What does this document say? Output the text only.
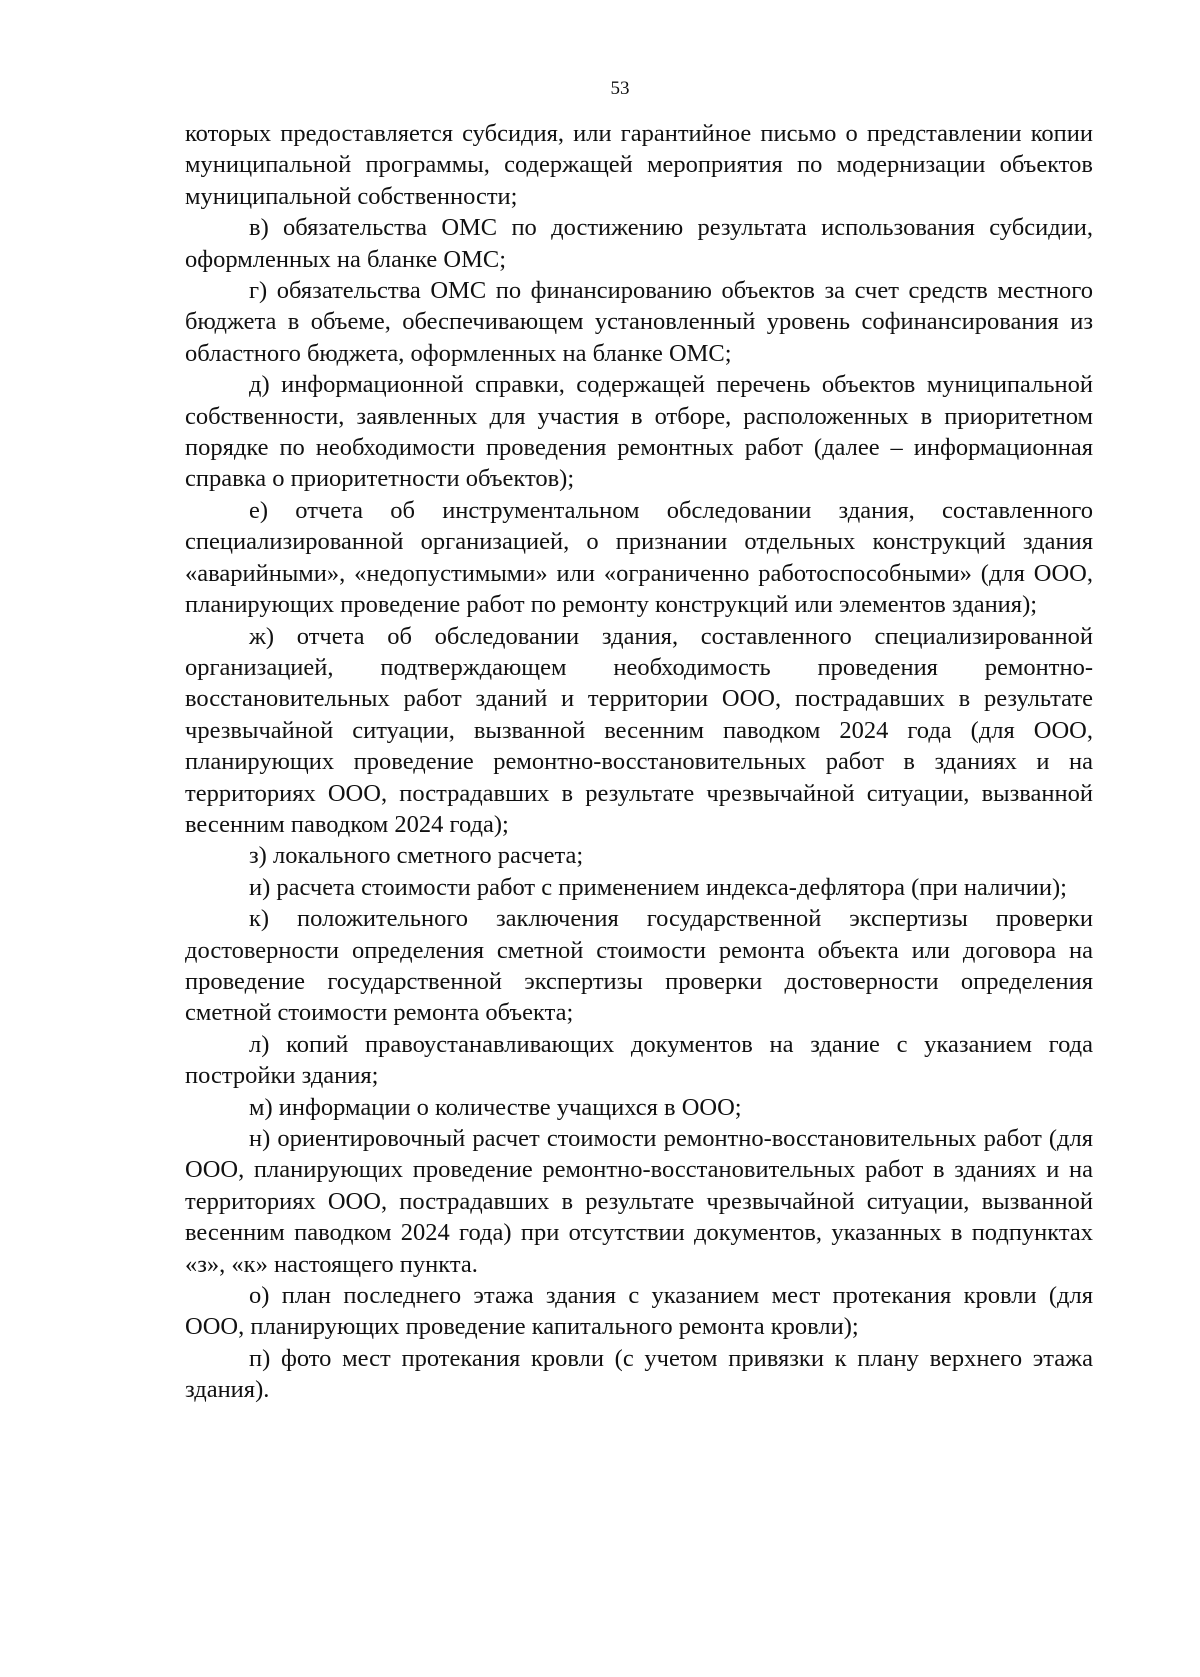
53

которых предоставляется субсидия, или гарантийное письмо о представлении копии муниципальной программы, содержащей мероприятия по модернизации объектов муниципальной собственности;

в) обязательства ОМС по достижению результата использования субсидии, оформленных на бланке ОМС;

г) обязательства ОМС по финансированию объектов за счет средств местного бюджета в объеме, обеспечивающем установленный уровень софинансирования из областного бюджета, оформленных на бланке ОМС;

д) информационной справки, содержащей перечень объектов муниципальной собственности, заявленных для участия в отборе, расположенных в приоритетном порядке по необходимости проведения ремонтных работ (далее – информационная справка о приоритетности объектов);

е) отчета об инструментальном обследовании здания, составленного специализированной организацией, о признании отдельных конструкций здания «аварийными», «недопустимыми» или «ограниченно работоспособными» (для ООО, планирующих проведение работ по ремонту конструкций или элементов здания);

ж) отчета об обследовании здания, составленного специализированной организацией, подтверждающем необходимость проведения ремонтно-восстановительных работ зданий и территории ООО, пострадавших в результате чрезвычайной ситуации, вызванной весенним паводком 2024 года (для ООО, планирующих проведение ремонтно-восстановительных работ в зданиях и на территориях ООО, пострадавших в результате чрезвычайной ситуации, вызванной весенним паводком 2024 года);

з) локального сметного расчета;

и) расчета стоимости работ с применением индекса-дефлятора (при наличии);

к) положительного заключения государственной экспертизы проверки достоверности определения сметной стоимости ремонта объекта или договора на проведение государственной экспертизы проверки достоверности определения сметной стоимости ремонта объекта;

л) копий правоустанавливающих документов на здание с указанием года постройки здания;

м) информации о количестве учащихся в ООО;

н) ориентировочный расчет стоимости ремонтно-восстановительных работ (для ООО, планирующих проведение ремонтно-восстановительных работ в зданиях и на территориях ООО, пострадавших в результате чрезвычайной ситуации, вызванной весенним паводком 2024 года) при отсутствии документов, указанных в подпунктах «з», «к» настоящего пункта.

о) план последнего этажа здания с указанием мест протекания кровли (для ООО, планирующих проведение капитального ремонта кровли);

п) фото мест протекания кровли (с учетом привязки к плану верхнего этажа здания).
